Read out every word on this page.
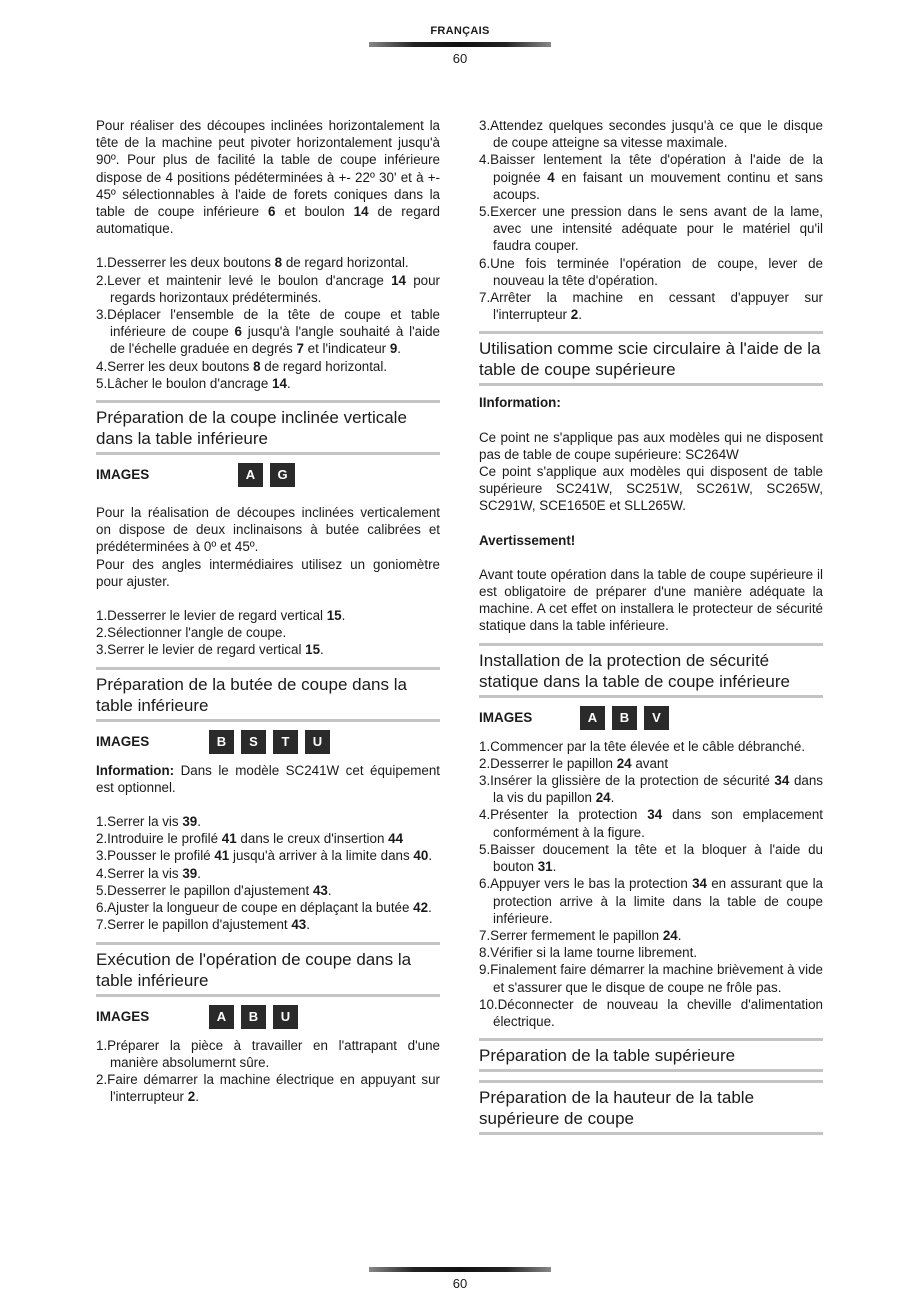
FRANÇAIS
60

Pour réaliser des découpes inclinées horizontalement la tête de la machine peut pivoter horizontalement jusqu'à 90º. Pour plus de facilité la table de coupe inférieure dispose de 4 positions pédéterminées à +- 22º 30' et à +- 45º sélectionnables à l'aide de forets coniques dans la table de coupe inférieure 6 et boulon 14 de regard automatique.

1.Desserrer les deux boutons 8 de regard horizontal.
2.Lever et maintenir levé le boulon d'ancrage 14 pour regards horizontaux prédéterminés.
3.Déplacer l'ensemble de la tête de coupe et table inférieure de coupe 6 jusqu'à l'angle souhaité à l'aide de l'échelle graduée en degrés 7 et l'indicateur 9.
4.Serrer les deux boutons 8 de regard horizontal.
5.Lâcher le boulon d'ancrage 14.
Préparation de la coupe inclinée verticale dans la table inférieure
IMAGES	A	G

Pour la réalisation de découpes inclinées verticalement on dispose de deux inclinaisons à butée calibrées et prédéterminées à 0º et 45º.

Pour des angles intermédiaires utilisez un goniomètre pour ajuster.

1.Desserrer le levier de regard vertical 15.
2.Sélectionner l'angle de coupe.
3.Serrer le levier de regard vertical 15.
Préparation de la butée de coupe dans la table inférieure
IMAGES	B	S	T	U

Information: Dans le modèle SC241W cet équipement est optionnel.

1.Serrer la vis 39.
2.Introduire le profilé 41 dans le creux d'insertion 44
3.Pousser le profilé 41 jusqu'à arriver à la limite dans 40.
4.Serrer la vis 39.
5.Desserrer le papillon d'ajustement 43.
6.Ajuster la longueur de coupe en déplaçant la butée 42.
7.Serrer le papillon d'ajustement 43.
Exécution de l'opération de coupe dans la table inférieure
IMAGES	A	B	U
1.Préparer la pièce à travailler en l'attrapant d'une manière absolumernt sûre.
2.Faire démarrer la machine électrique en appuyant sur l'interrupteur 2.
3.Attendez quelques secondes jusqu'à ce que le disque de coupe atteigne sa vitesse maximale.
4.Baisser lentement la tête d'opération à l'aide de la poignée 4 en faisant un mouvement continu et sans acoups.
5.Exercer une pression dans le sens avant de la lame, avec une intensité adéquate pour le matériel qu'il faudra couper.
6.Une fois terminée l'opération de coupe, lever de nouveau la tête d'opération.
7.Arrêter la machine en cessant d'appuyer sur l'interrupteur 2.
Utilisation comme scie circulaire à l'aide de la table de coupe supérieure

IInformation:

Ce point ne s'applique pas aux modèles qui ne disposent pas de table de coupe supérieure: SC264W

Ce point s'applique aux modèles qui disposent de table supérieure SC241W, SC251W, SC261W, SC265W, SC291W, SCE1650E et SLL265W.

Avertissement!

Avant toute opération dans la table de coupe supérieure il est obligatoire de préparer d'une manière adéquate la machine. A cet effet on installera le protecteur de sécurité statique dans la table inférieure.

Installation de la protection de sécurité statique dans la table de coupe inférieure
IMAGES	A	B	V
1.Commencer par la tête élevée et le câble débranché.
2.Desserrer le papillon 24 avant
3.Insérer la glissière de la protection de sécurité 34 dans la vis du papillon 24.
4.Présenter la protection 34 dans son emplacement conformément à la figure.
5.Baisser doucement la tête et la bloquer à l'aide du bouton 31.
6.Appuyer vers le bas la protection 34 en assurant que la protection arrive à la limite dans la table de coupe inférieure.
7.Serrer fermement le papillon 24.
8.Vérifier si la lame tourne librement.
9.Finalement faire démarrer la machine brièvement à vide et s'assurer que le disque de coupe ne frôle pas.
10.Déconnecter de nouveau la cheville d'alimentation électrique.
Préparation de la table supérieure
Préparation de la hauteur de la table supérieure de coupe
60
